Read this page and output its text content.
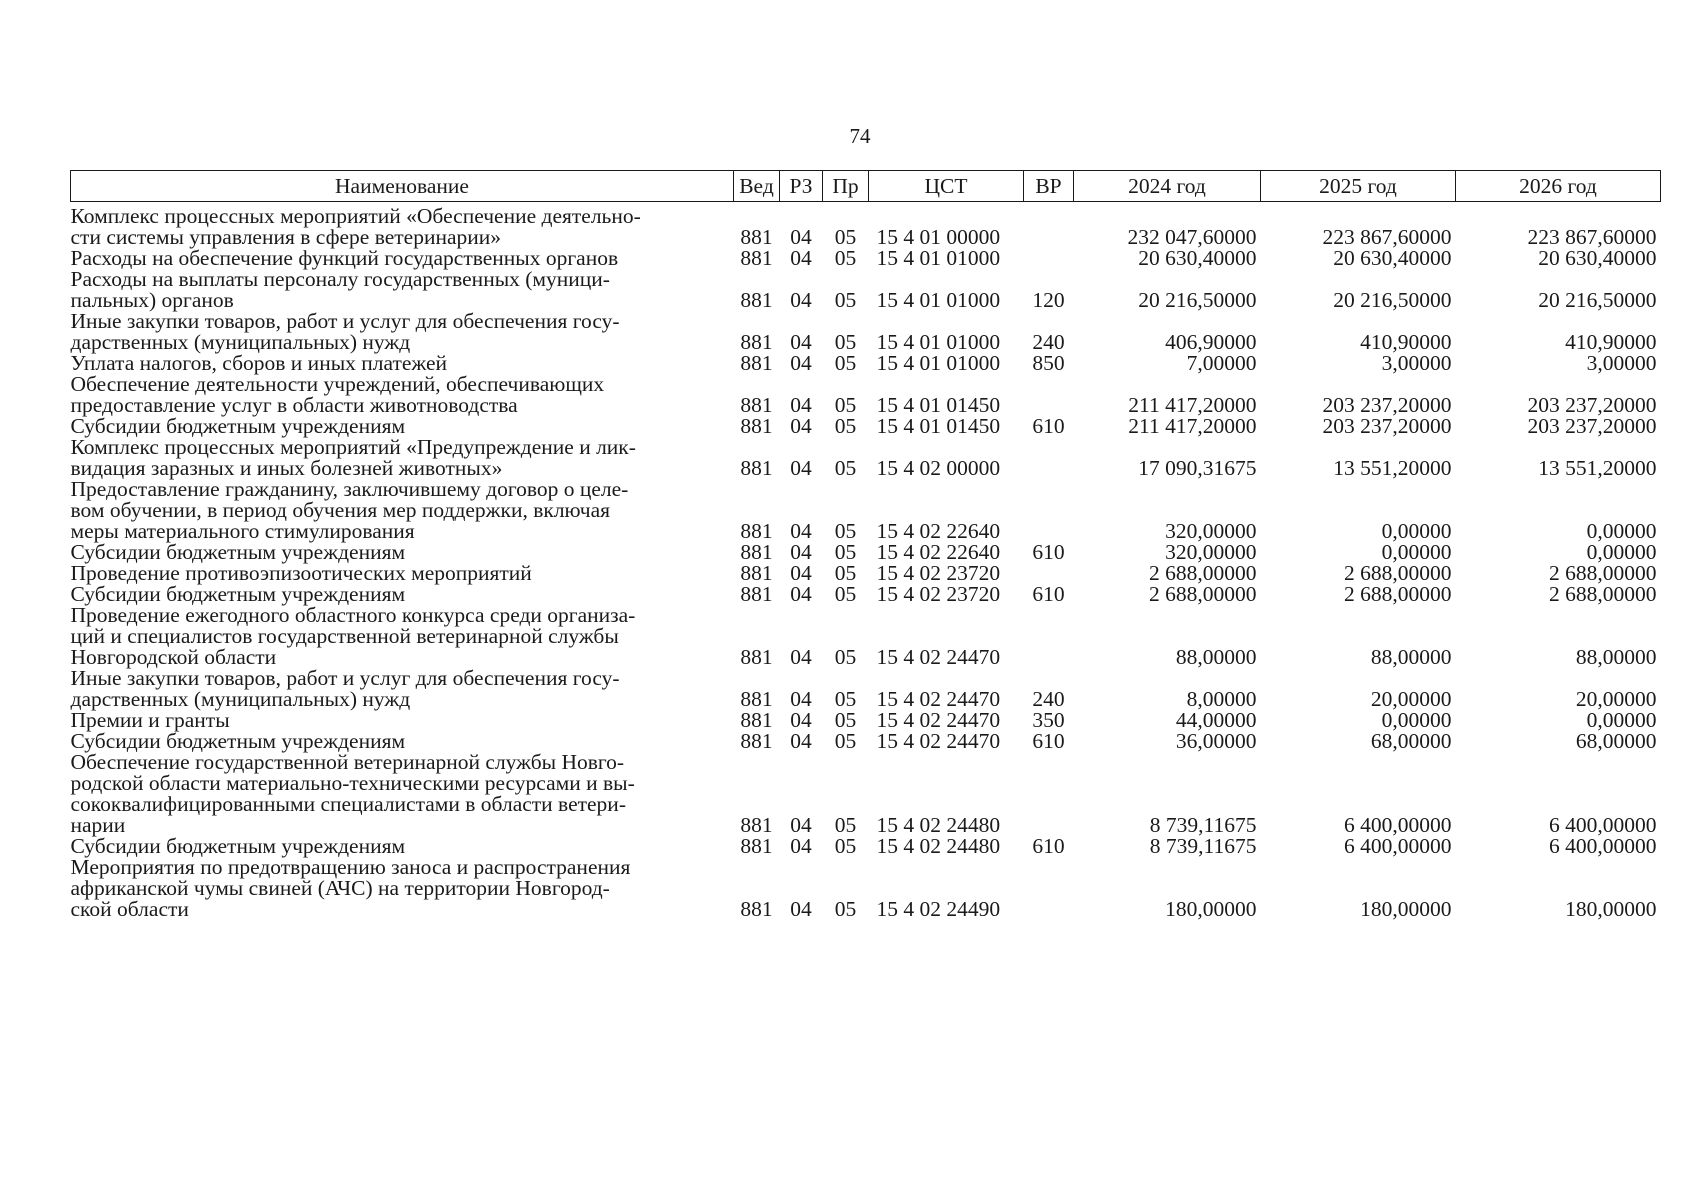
74
Наименование	Вед	РЗ	Пр	ЦСТ	ВР	2024 год	2025 год	2026 год

Комплекс процессных мероприятий «Обеспечение деятельно-
сти системы управления в сфере ветеринарии»	881	04	05	15 4 01 00000		232 047,60000	223 867,60000	223 867,60000

Расходы на обеспечение функций государственных органов	881	04	05	15 4 01 01000		20 630,40000	20 630,40000	20 630,40000

Расходы на выплаты персоналу государственных (муници-
пальных) органов	881	04	05	15 4 01 01000	120	20 216,50000	20 216,50000	20 216,50000

Иные закупки товаров, работ и услуг для обеспечения госу-
дарственных (муниципальных) нужд	881	04	05	15 4 01 01000	240	406,90000	410,90000	410,90000

Уплата налогов, сборов и иных платежей	881	04	05	15 4 01 01000	850	7,00000	3,00000	3,00000

Обеспечение деятельности учреждений, обеспечивающих
предоставление услуг в области животноводства	881	04	05	15 4 01 01450		211 417,20000	203 237,20000	203 237,20000

Субсидии бюджетным учреждениям	881	04	05	15 4 01 01450	610	211 417,20000	203 237,20000	203 237,20000

Комплекс процессных мероприятий «Предупреждение и лик-
видация заразных и иных болезней животных»	881	04	05	15 4 02 00000		17 090,31675	13 551,20000	13 551,20000

Предоставление гражданину, заключившему договор о целе-
вом обучении, в период обучения мер поддержки, включая
меры материального стимулирования	881	04	05	15 4 02 22640		320,00000	0,00000	0,00000

Субсидии бюджетным учреждениям	881	04	05	15 4 02 22640	610	320,00000	0,00000	0,00000

Проведение противоэпизоотических мероприятий	881	04	05	15 4 02 23720		2 688,00000	2 688,00000	2 688,00000

Субсидии бюджетным учреждениям	881	04	05	15 4 02 23720	610	2 688,00000	2 688,00000	2 688,00000

Проведение ежегодного областного конкурса среди организа-
ций и специалистов государственной ветеринарной службы
Новгородской области	881	04	05	15 4 02 24470		88,00000	88,00000	88,00000

Иные закупки товаров, работ и услуг для обеспечения госу-
дарственных (муниципальных) нужд	881	04	05	15 4 02 24470	240	8,00000	20,00000	20,00000

Премии и гранты	881	04	05	15 4 02 24470	350	44,00000	0,00000	0,00000

Субсидии бюджетным учреждениям	881	04	05	15 4 02 24470	610	36,00000	68,00000	68,00000

Обеспечение государственной ветеринарной службы Новго-
родской области материально-техническими ресурсами и вы-
сококвалифицированными специалистами в области ветери-
нарии	881	04	05	15 4 02 24480		8 739,11675	6 400,00000	6 400,00000

Субсидии бюджетным учреждениям	881	04	05	15 4 02 24480	610	8 739,11675	6 400,00000	6 400,00000

Мероприятия по предотвращению заноса и распространения
африканской чумы свиней (АЧС) на территории Новгород-
ской области	881	04	05	15 4 02 24490		180,00000	180,00000	180,00000
